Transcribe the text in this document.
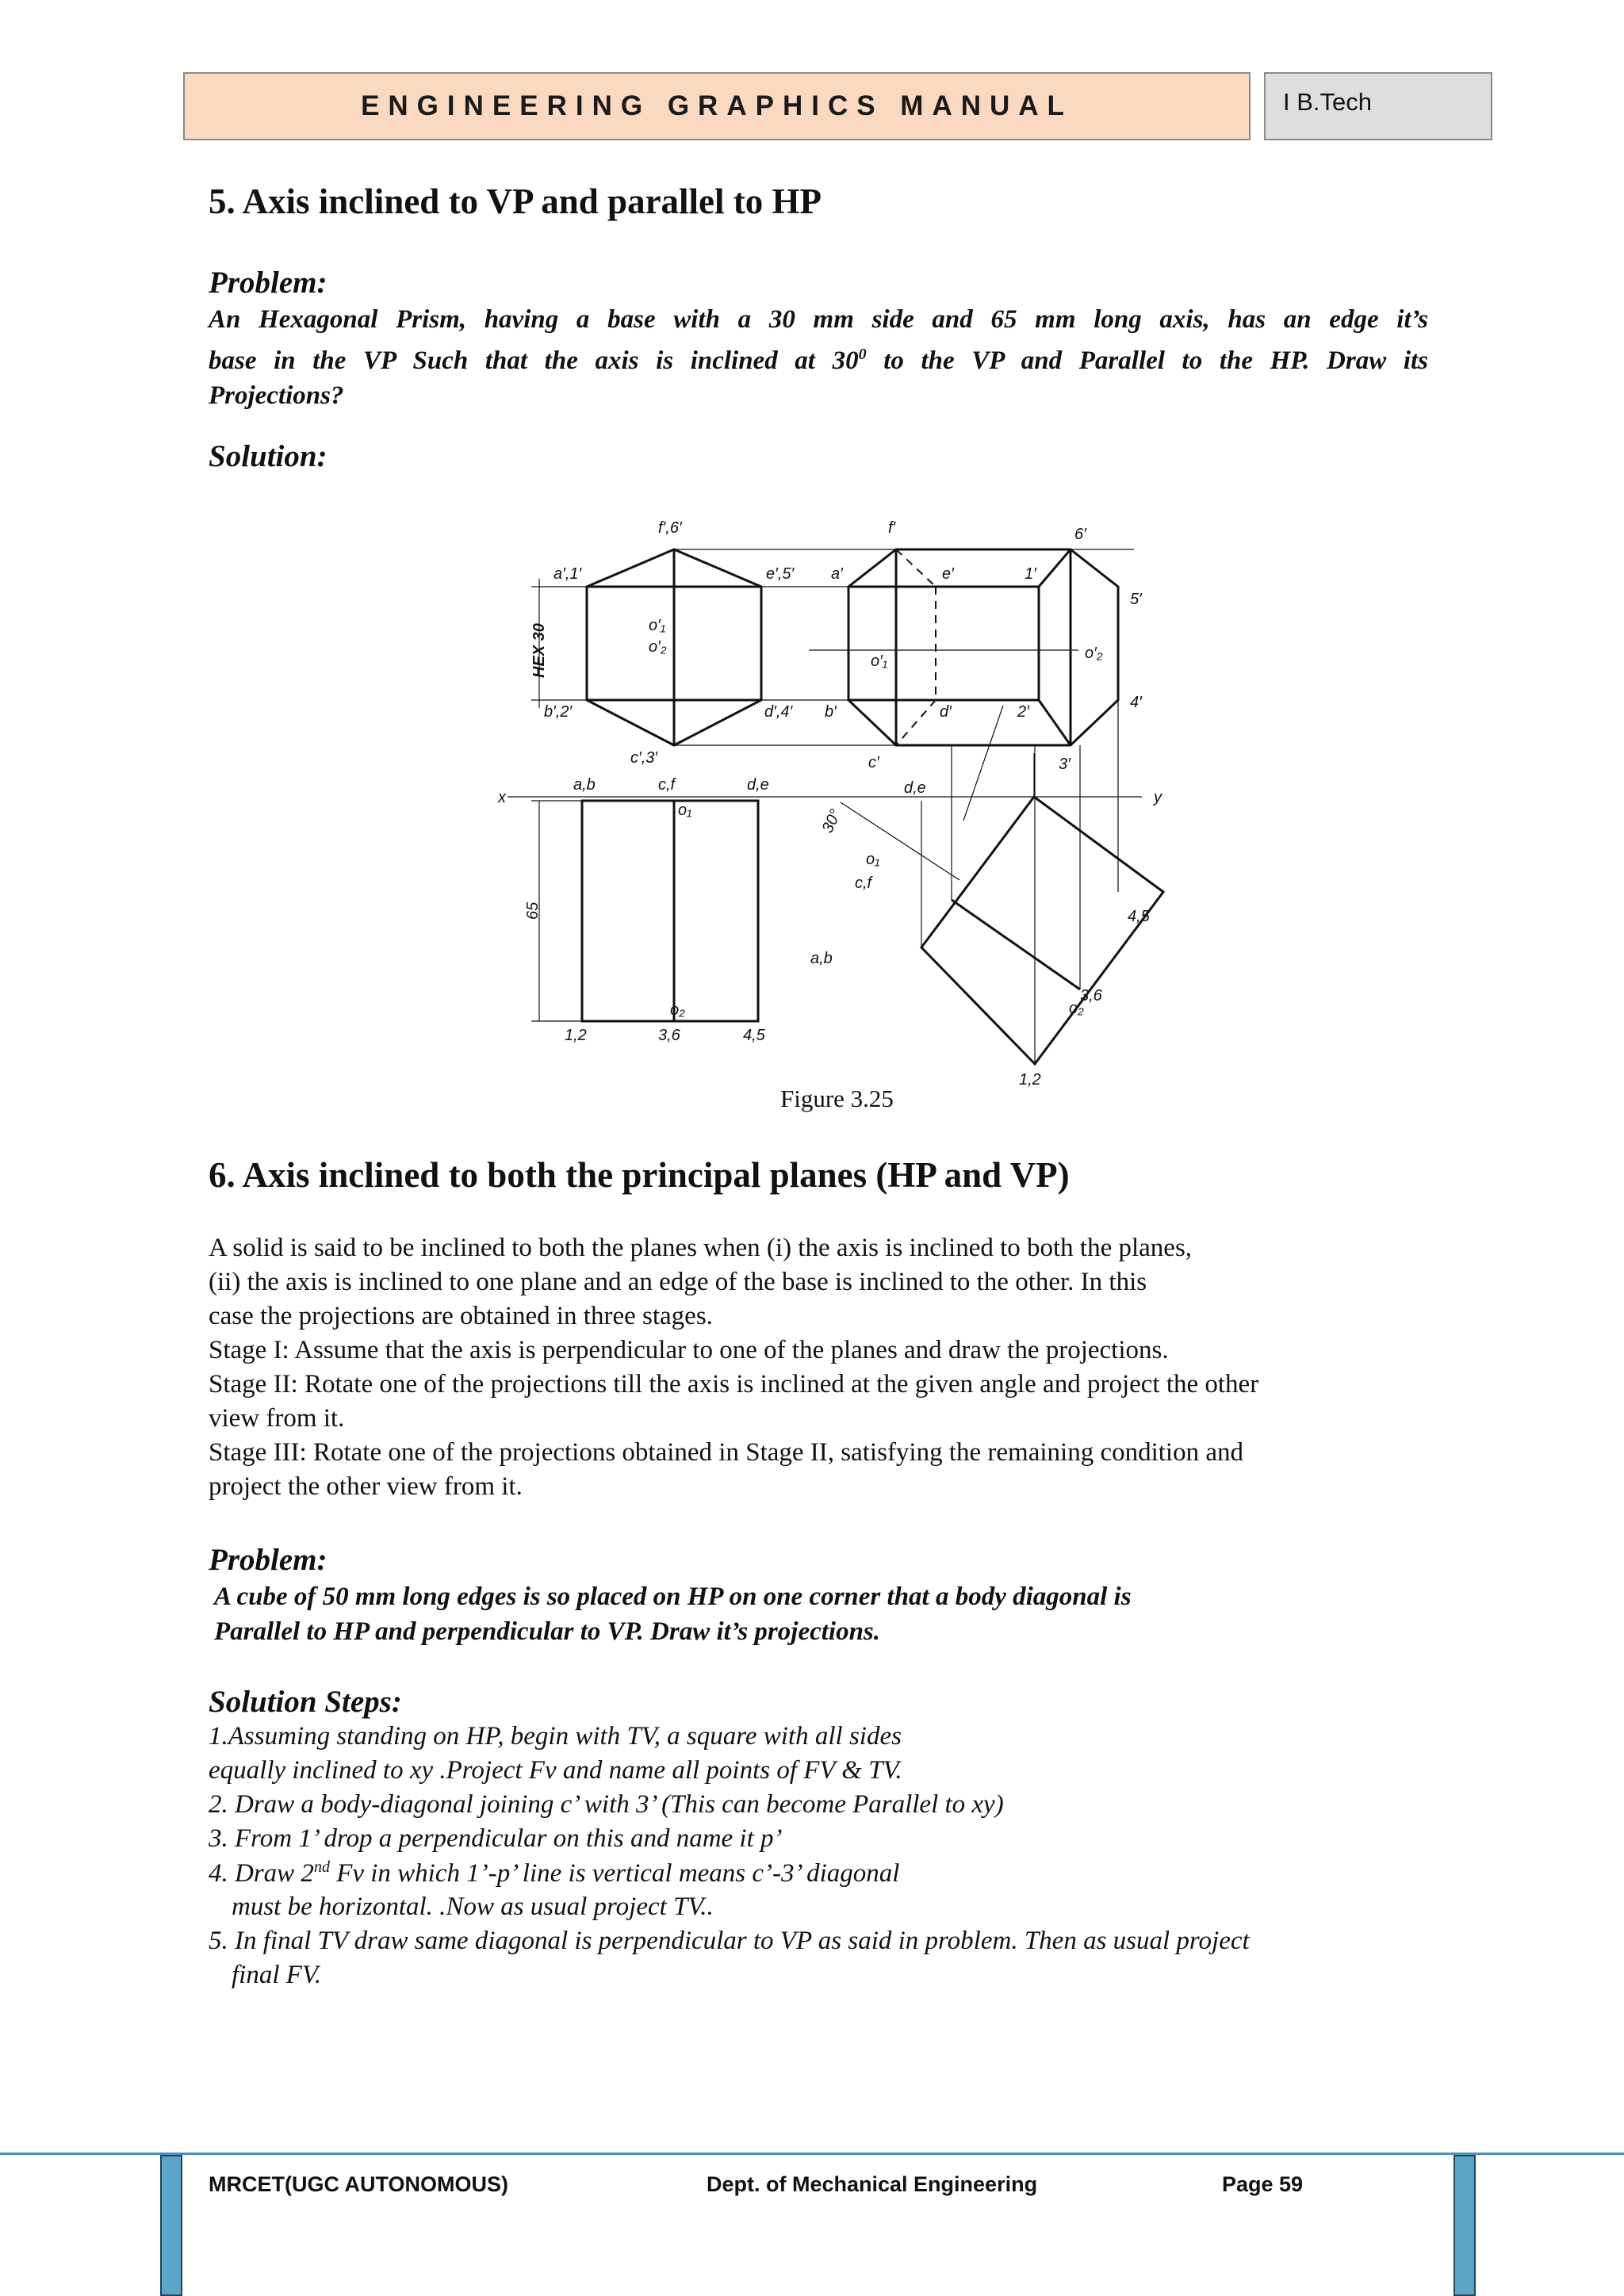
ENGINEERING GRAPHICS MANUAL	I B.Tech
5. Axis inclined to VP and parallel to HP
Problem:
An Hexagonal Prism, having a base with a 30 mm side and 65 mm long axis, has an edge it’s
base in the VP Such that the axis is inclined at $30^0$ to the VP and Parallel to the HP. Draw its
Projections?
Solution:
f′,6′
a′,1′	e′,5′
o′₁
o′₂
b′,2′	d′,4′
c′,3′
HEX 30
a,b	c,f	d,e
x	y
o₁
65
o₂
1,2	3,6	4,5
f′	6′
a′	e′	1′
5′
o′₁	o′₂
b′	d′	2′
4′
c′	3′
d,e
30°
o₁
c,f
4,5
a,b
3,6
o₂
1,2
Figure 3.25
6. Axis inclined to both the principal planes (HP and VP)
A solid is said to be inclined to both the planes when (i) the axis is inclined to both the planes,
(ii) the axis is inclined to one plane and an edge of the base is inclined to the other. In this
case the projections are obtained in three stages.
Stage I: Assume that the axis is perpendicular to one of the planes and draw the projections.
Stage II: Rotate one of the projections till the axis is inclined at the given angle and project the other
view from it.
Stage III: Rotate one of the projections obtained in Stage II, satisfying the remaining condition and
project the other view from it.
Problem:
A cube of 50 mm long edges is so placed on HP on one corner that a body diagonal is
Parallel to HP and perpendicular to VP. Draw it’s projections.
Solution Steps:
1.Assuming standing on HP, begin with TV, a square with all sides
equally inclined to xy .Project Fv and name all points of FV & TV.
2. Draw a body-diagonal joining c’ with 3’ (This can become Parallel to xy)
3. From 1’ drop a perpendicular on this and name it p’
4. Draw 2nd Fv in which 1’-p’ line is vertical means c’-3’ diagonal
must be horizontal. .Now as usual project TV..
5. In final TV draw same diagonal is perpendicular to VP as said in problem. Then as usual project
final FV.
MRCET(UGC AUTONOMOUS)	Dept. of Mechanical Engineering	Page 59
